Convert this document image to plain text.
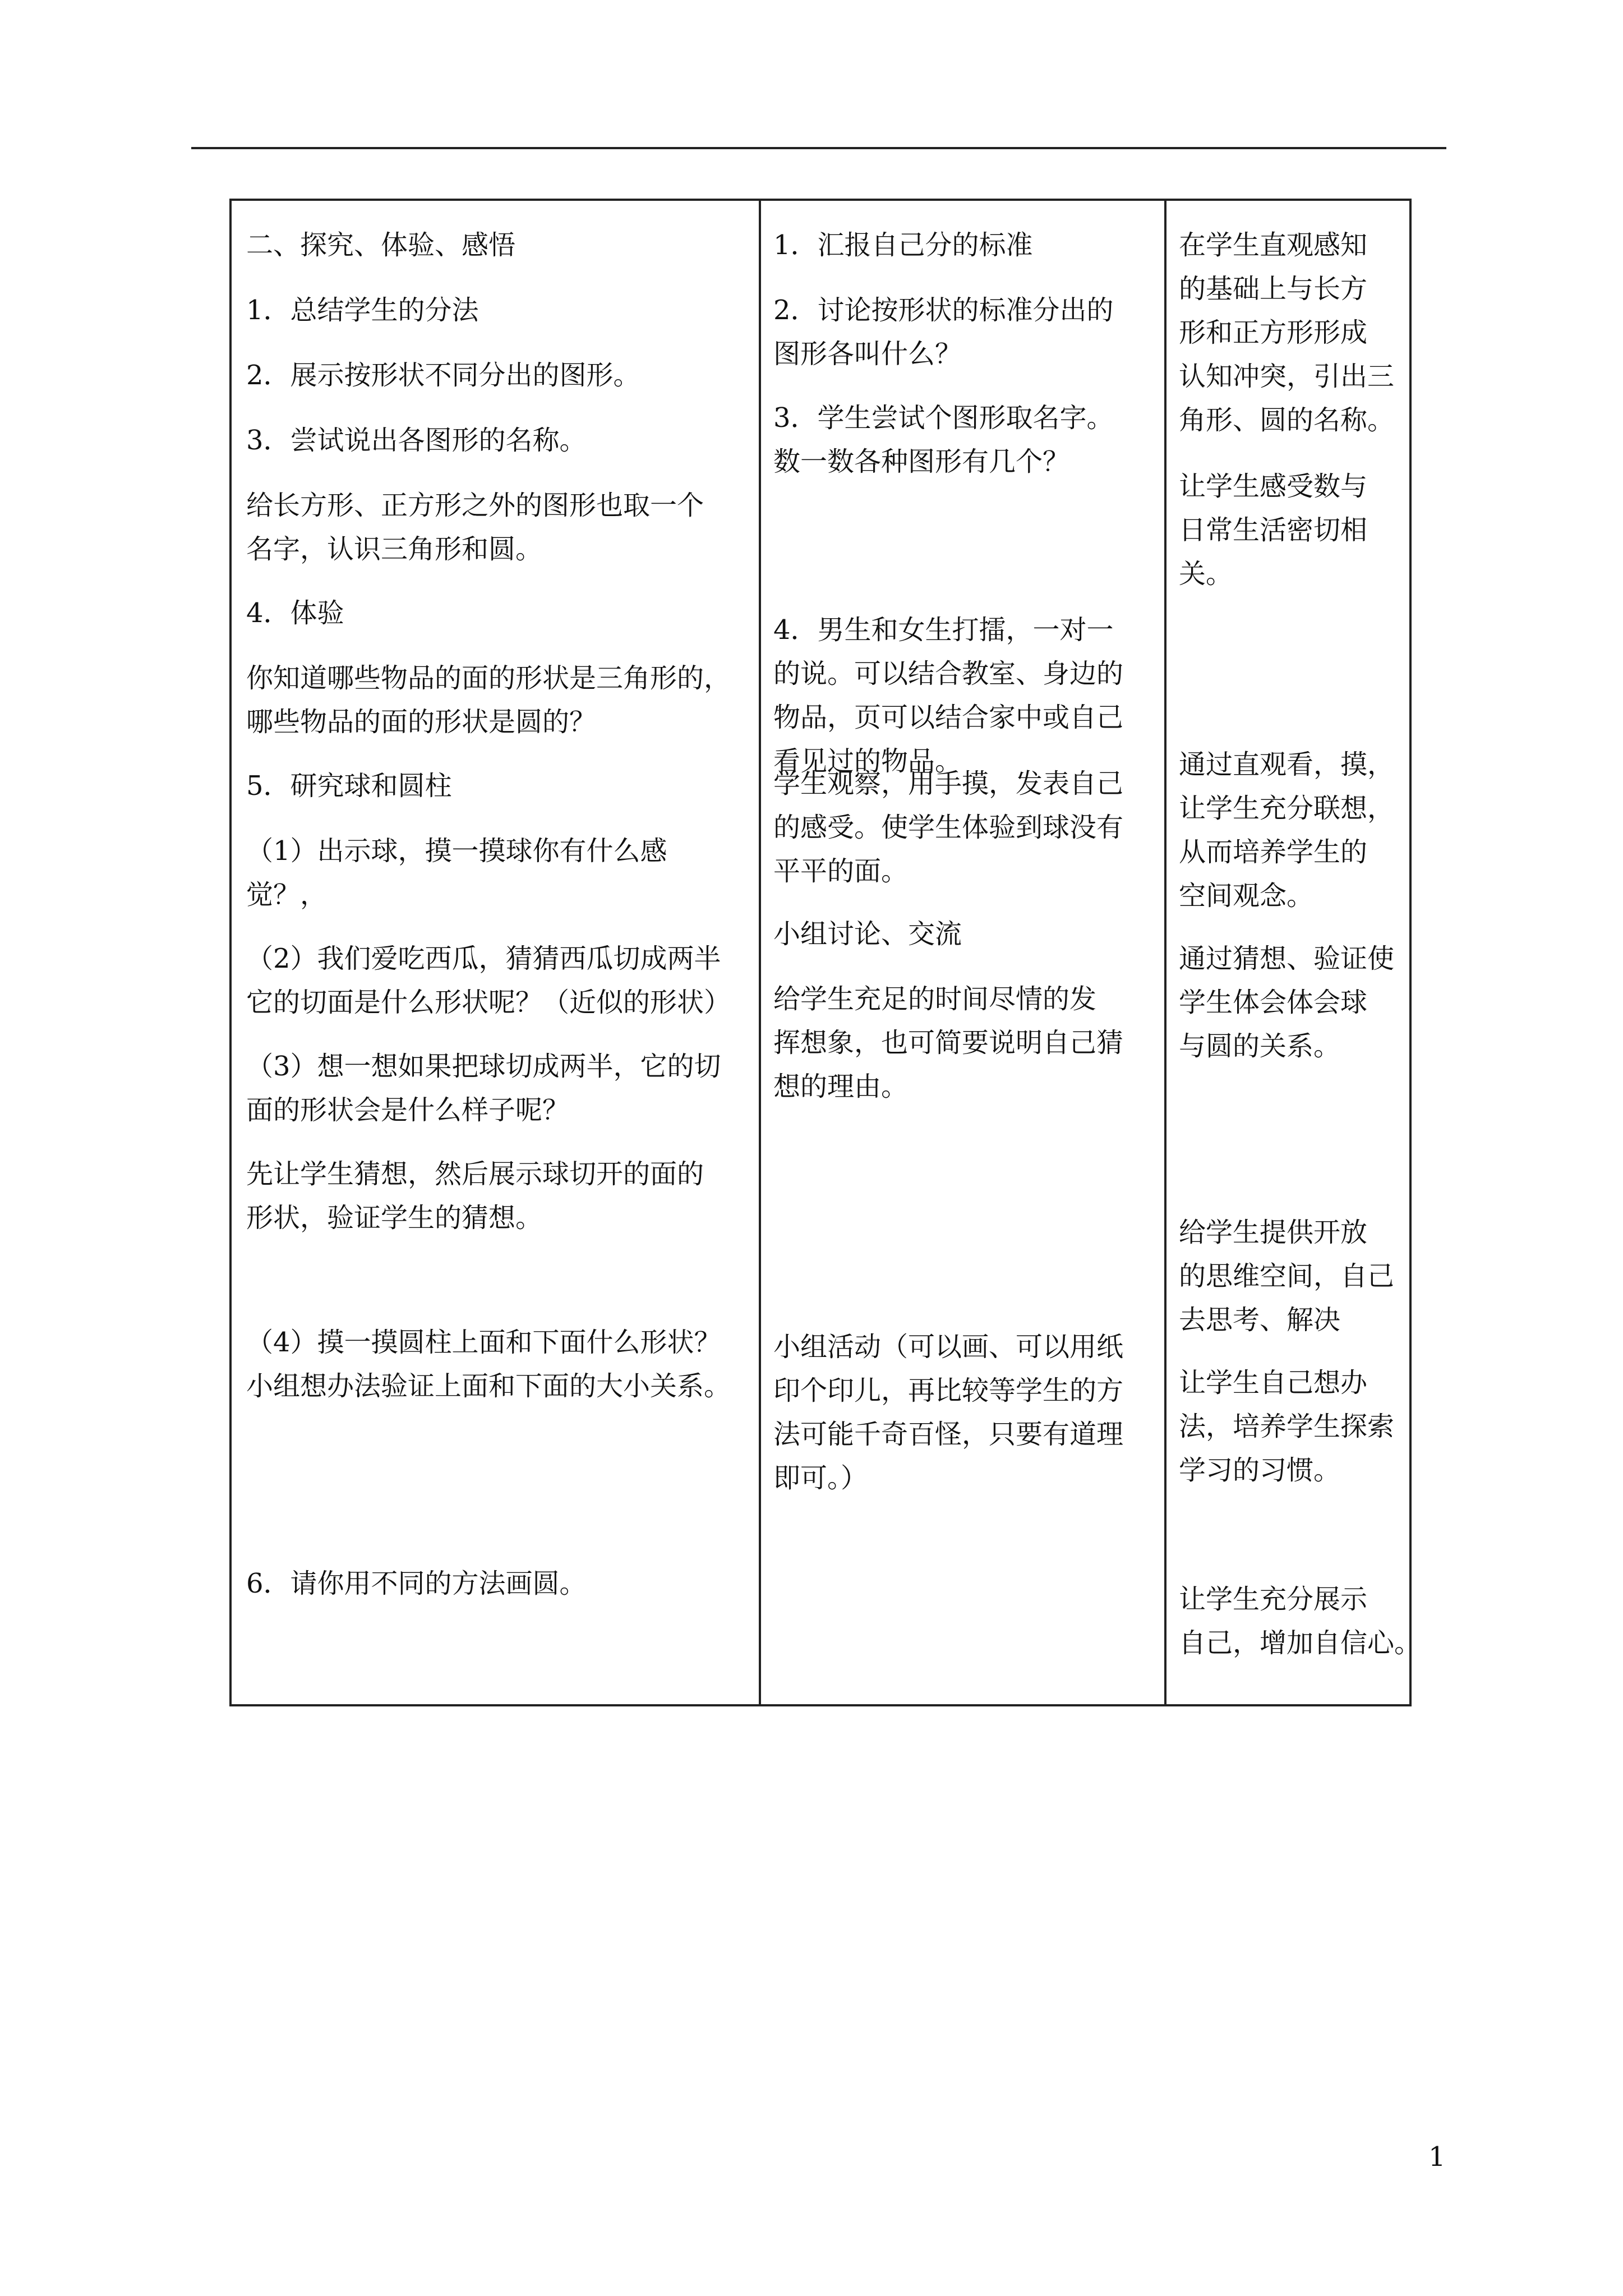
二、探究、体验、感悟
1．总结学生的分法
2．展示按形状不同分出的图形。
3．尝试说出各图形的名称。
给长方形、正方形之外的图形也取一个
名字，认识三角形和圆。
4．体验
你知道哪些物品的面的形状是三角形的，
哪些物品的面的形状是圆的？
5．研究球和圆柱
（1）出示球，摸一摸球你有什么感
觉？，
（2）我们爱吃西瓜，猜猜西瓜切成两半
它的切面是什么形状呢？（近似的形状）
（3）想一想如果把球切成两半，它的切
面的形状会是什么样子呢？
先让学生猜想，然后展示球切开的面的
形状，验证学生的猜想。
（4）摸一摸圆柱上面和下面什么形状？
小组想办法验证上面和下面的大小关系。
6．请你用不同的方法画圆。
1．汇报自己分的标准
2．讨论按形状的标准分出的
图形各叫什么？
3．学生尝试个图形取名字。
数一数各种图形有几个？
4．男生和女生打擂，一对一
的说。可以结合教室、身边的
物品，页可以结合家中或自己
看见过的物品。
学生观察，用手摸，发表自己
的感受。使学生体验到球没有
平平的面。
小组讨论、交流
给学生充足的时间尽情的发
挥想象，也可简要说明自己猜
想的理由。
小组活动（可以画、可以用纸
印个印儿，再比较等学生的方
法可能千奇百怪，只要有道理
即可。）
在学生直观感知
的基础上与长方
形和正方形形成
认知冲突，引出三
角形、圆的名称。
让学生感受数与
日常生活密切相
关。
通过直观看，摸，
让学生充分联想，
从而培养学生的
空间观念。
通过猜想、验证使
学生体会体会球
与圆的关系。
给学生提供开放
的思维空间，自己
去思考、解决
让学生自己想办
法，培养学生探索
学习的习惯。
让学生充分展示
自己，增加自信心。
1
